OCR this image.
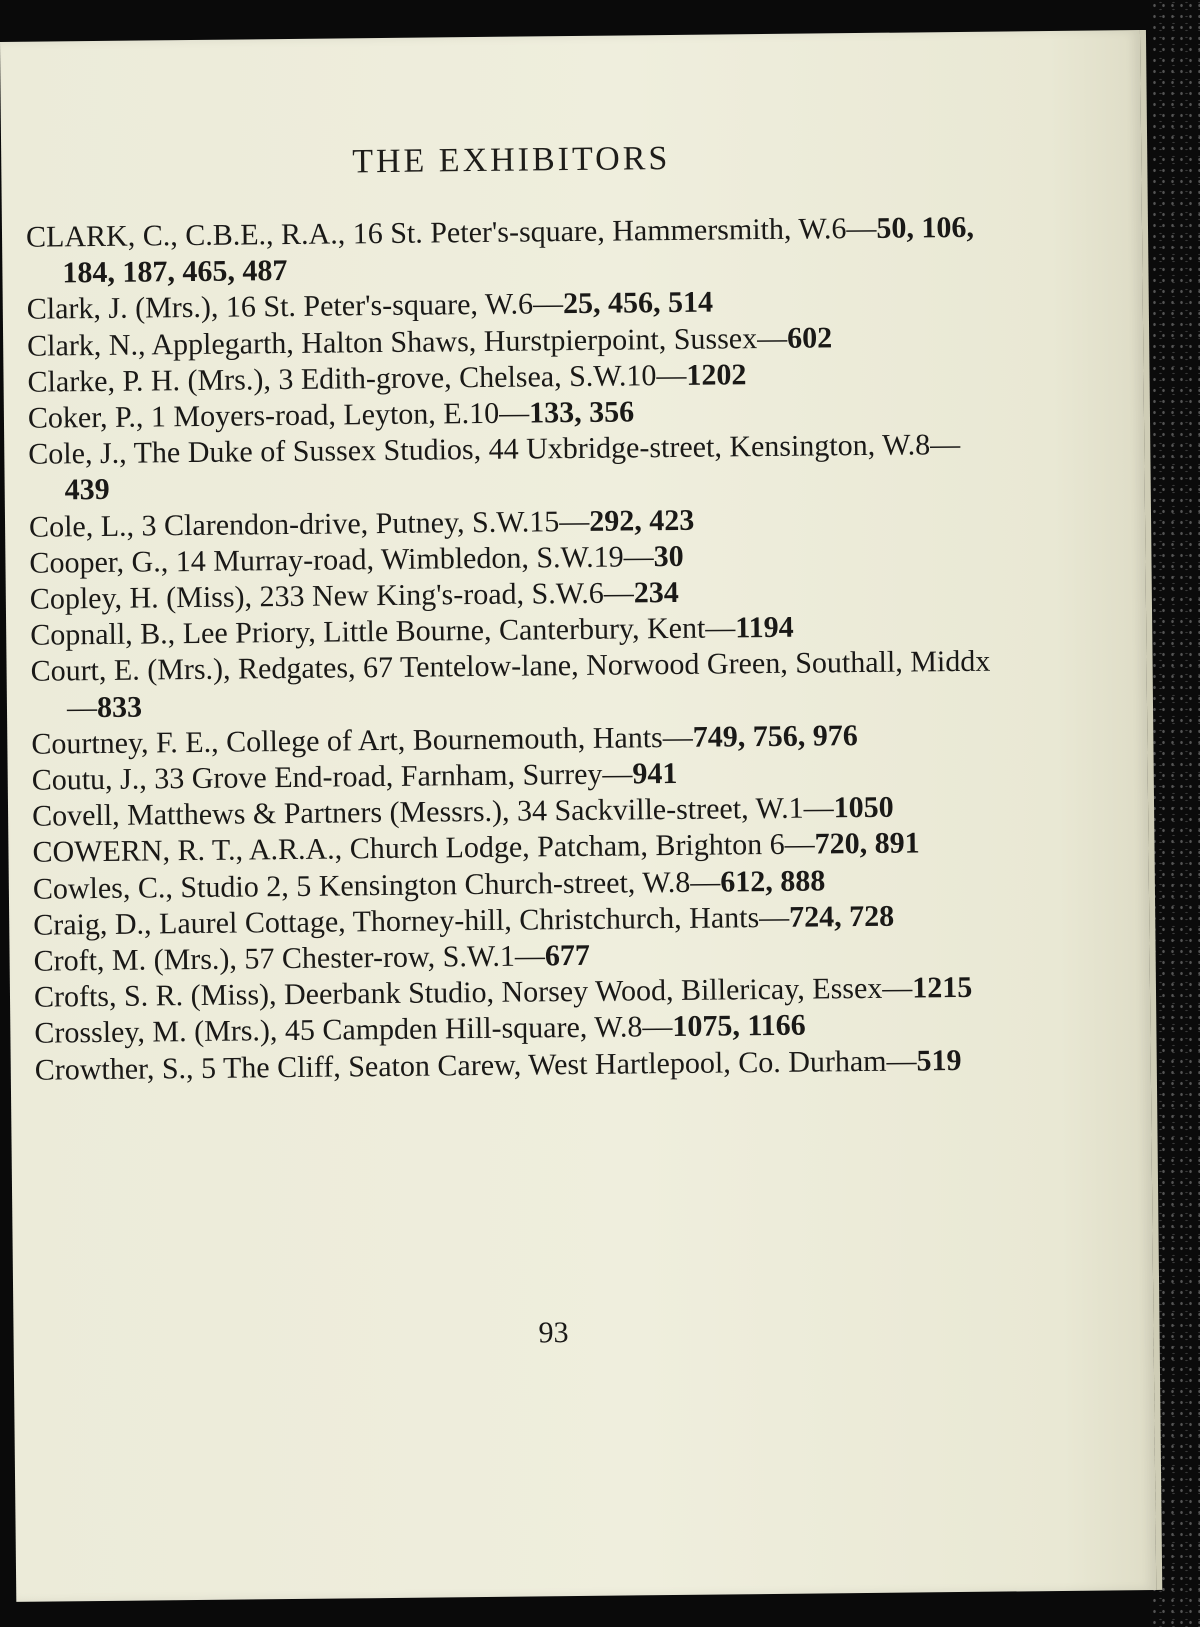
THE EXHIBITORS

CLARK, C., C.B.E., R.A., 16 St. Peter's-square, Hammersmith, W.6—50, 106, 184, 187, 465, 487

Clark, J. (Mrs.), 16 St. Peter's-square, W.6—25, 456, 514

Clark, N., Applegarth, Halton Shaws, Hurstpierpoint, Sussex—602

Clarke, P. H. (Mrs.), 3 Edith-grove, Chelsea, S.W.10—1202

Coker, P., 1 Moyers-road, Leyton, E.10—133, 356

Cole, J., The Duke of Sussex Studios, 44 Uxbridge-street, Kensington, W.8—439

Cole, L., 3 Clarendon-drive, Putney, S.W.15—292, 423

Cooper, G., 14 Murray-road, Wimbledon, S.W.19—30

Copley, H. (Miss), 233 New King's-road, S.W.6—234

Copnall, B., Lee Priory, Little Bourne, Canterbury, Kent—1194

Court, E. (Mrs.), Redgates, 67 Tentelow-lane, Norwood Green, Southall, Middx—833

Courtney, F. E., College of Art, Bournemouth, Hants—749, 756, 976

Coutu, J., 33 Grove End-road, Farnham, Surrey—941

Covell, Matthews & Partners (Messrs.), 34 Sackville-street, W.1—1050

COWERN, R. T., A.R.A., Church Lodge, Patcham, Brighton 6—720, 891

Cowles, C., Studio 2, 5 Kensington Church-street, W.8—612, 888

Craig, D., Laurel Cottage, Thorney-hill, Christchurch, Hants—724, 728

Croft, M. (Mrs.), 57 Chester-row, S.W.1—677

Crofts, S. R. (Miss), Deerbank Studio, Norsey Wood, Billericay, Essex—1215

Crossley, M. (Mrs.), 45 Campden Hill-square, W.8—1075, 1166

Crowther, S., 5 The Cliff, Seaton Carew, West Hartlepool, Co. Durham—519

93
